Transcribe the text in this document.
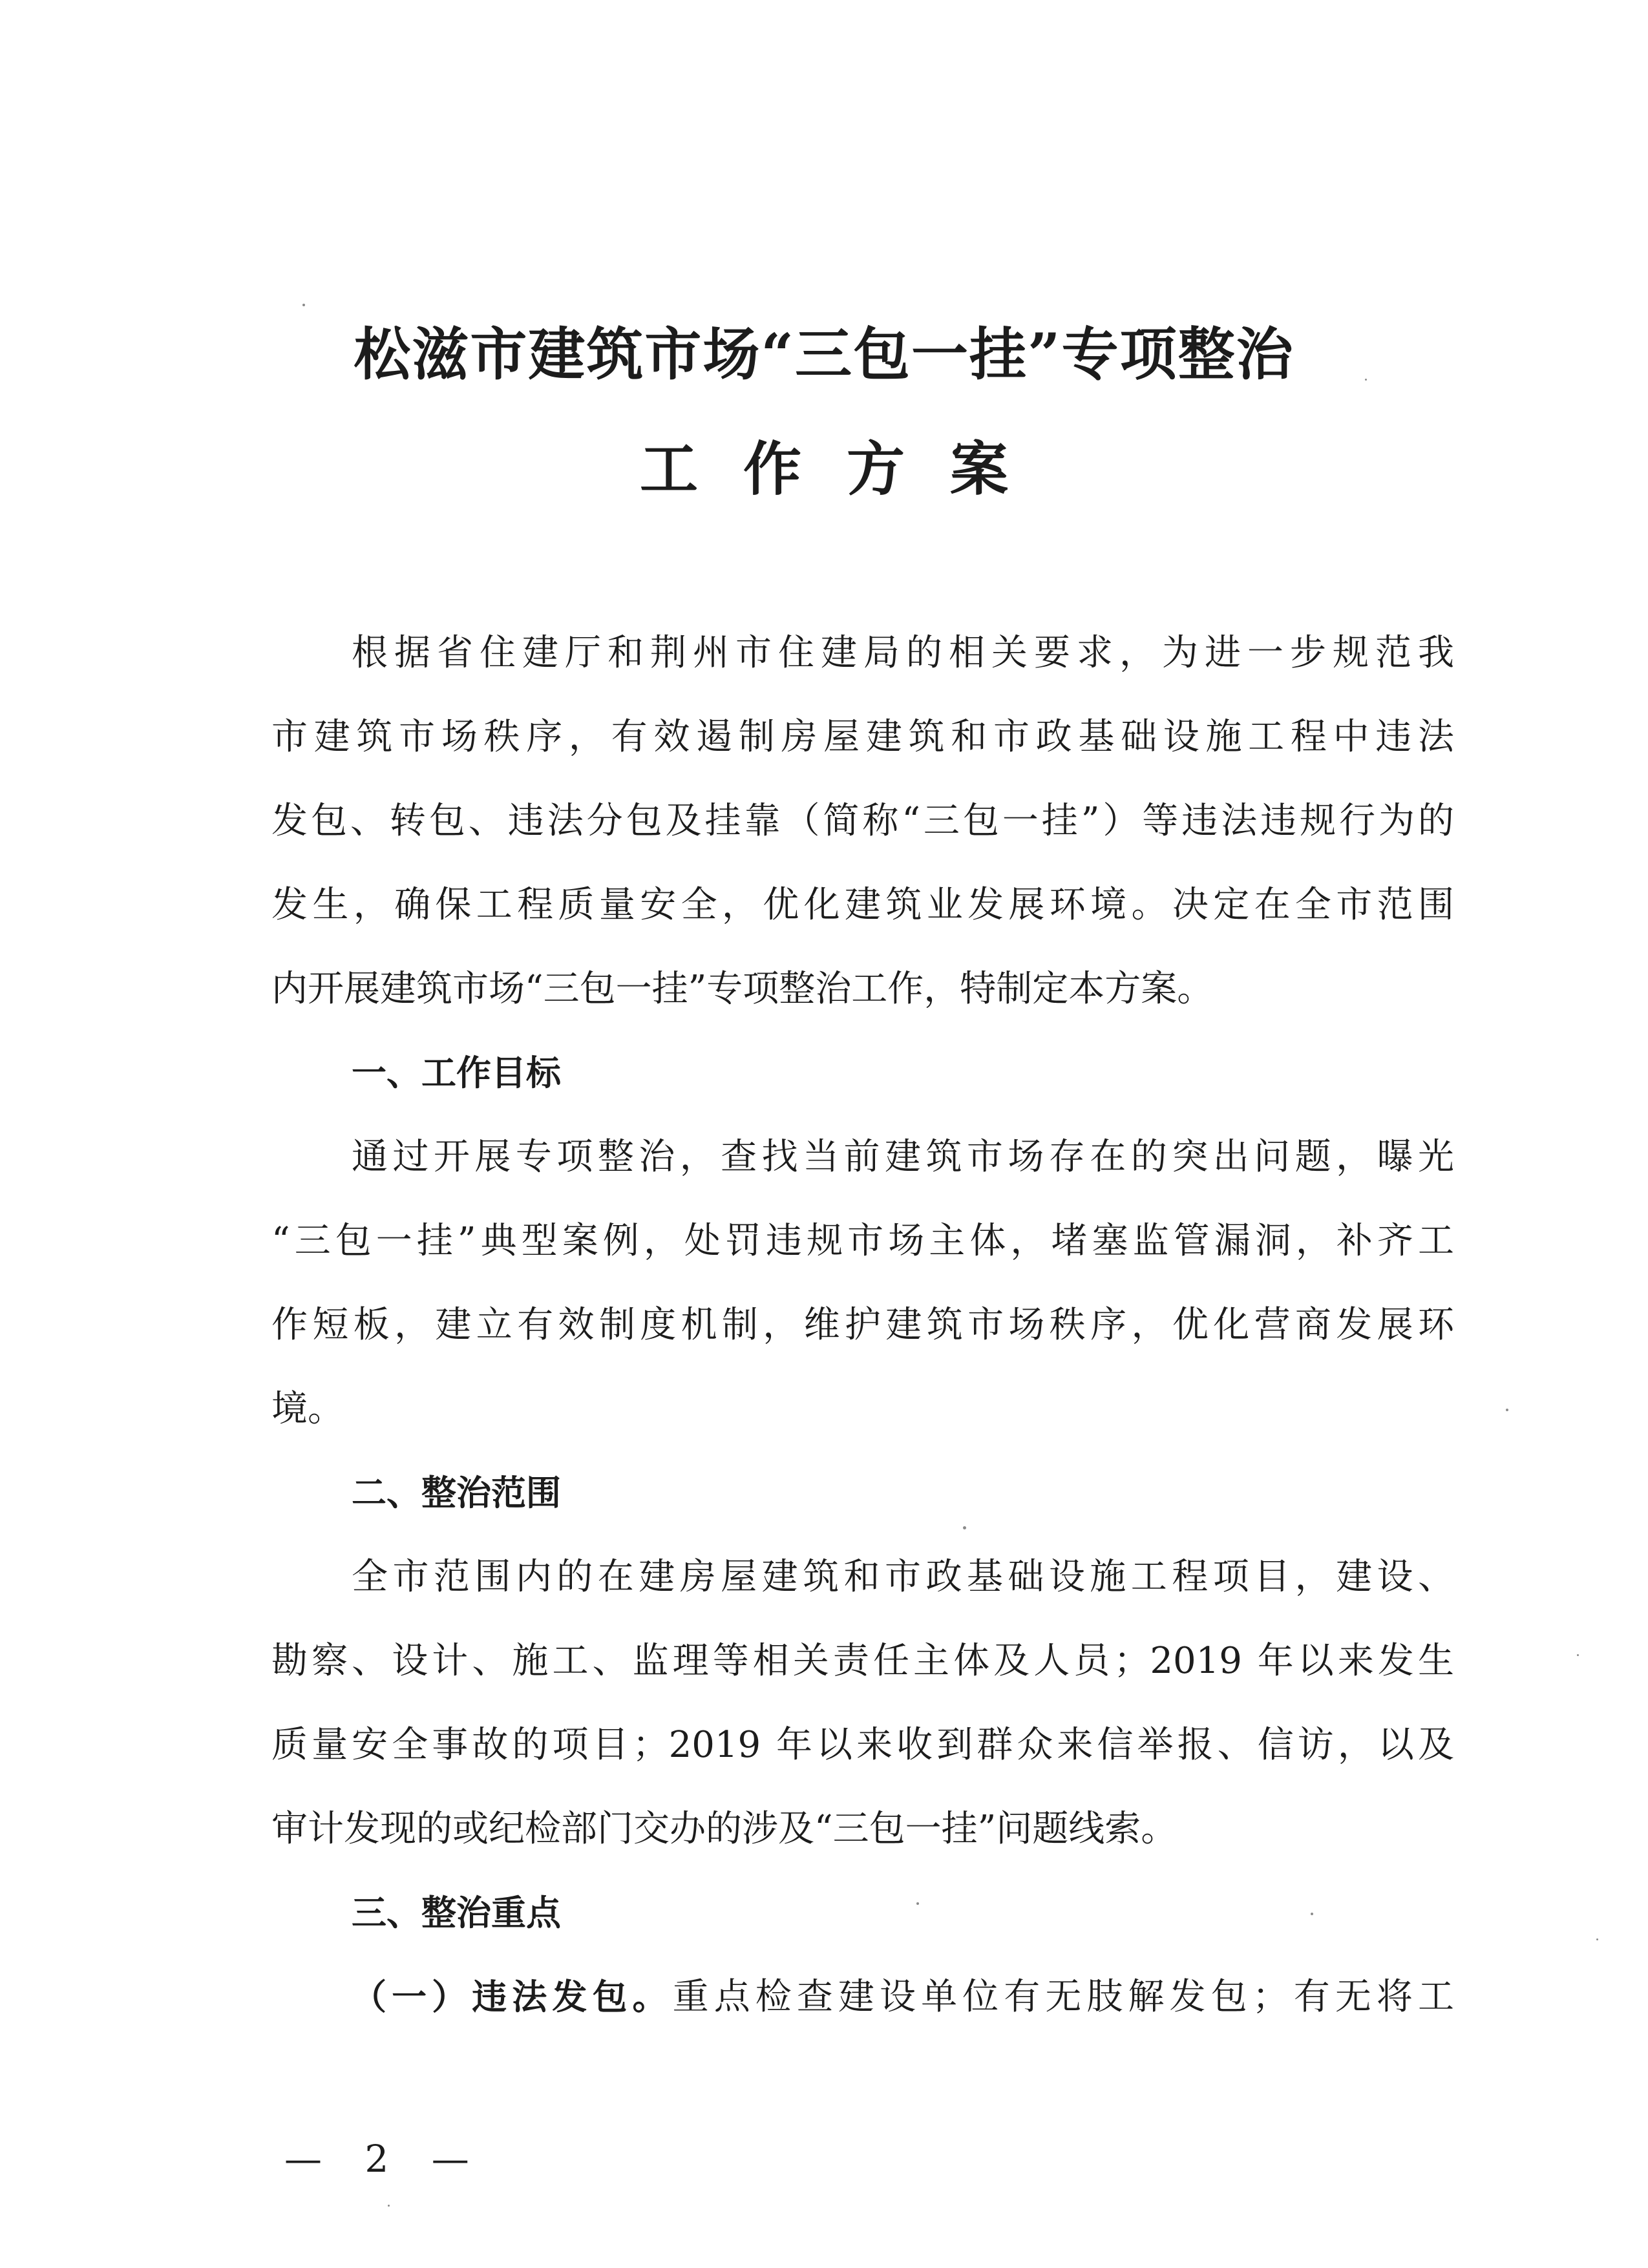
松滋市建筑市场“三包一挂”专项整治
工作方案
根据省住建厅和荆州市住建局的相关要求，为进一步规范我
市建筑市场秩序，有效遏制房屋建筑和市政基础设施工程中违法
发包、转包、违法分包及挂靠（简称“三包一挂”）等违法违规行为的
发生，确保工程质量安全，优化建筑业发展环境。决定在全市范围
内开展建筑市场“三包一挂”专项整治工作，特制定本方案。
一、工作目标
通过开展专项整治，查找当前建筑市场存在的突出问题，曝光
“三包一挂”典型案例，处罚违规市场主体，堵塞监管漏洞，补齐工
作短板，建立有效制度机制，维护建筑市场秩序，优化营商发展环
境。
二、整治范围
全市范围内的在建房屋建筑和市政基础设施工程项目，建设、
勘察、设计、施工、监理等相关责任主体及人员；2019 年以来发生
质量安全事故的项目；2019 年以来收到群众来信举报、信访，以及
审计发现的或纪检部门交办的涉及“三包一挂”问题线索。
三、整治重点
（一）违法发包。重点检查建设单位有无肢解发包；有无将工
— 2 —
